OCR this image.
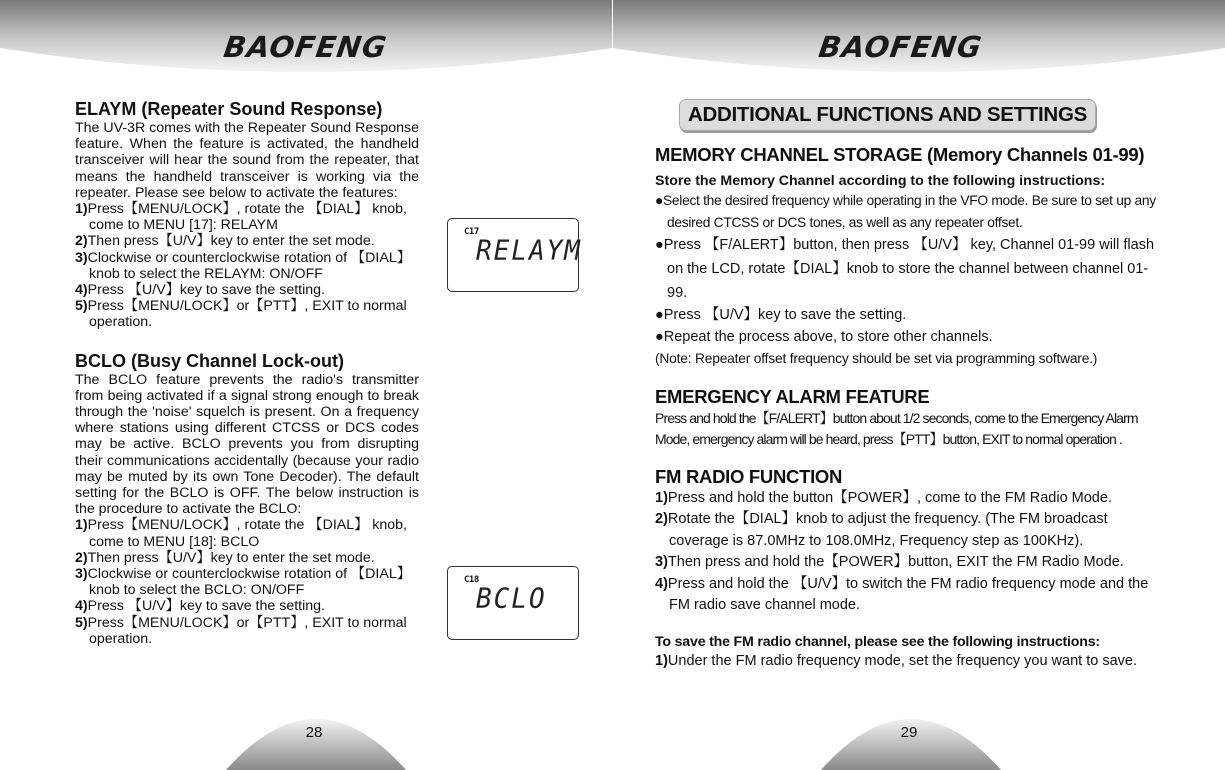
BAOFENG

ELAYM (Repeater Sound Response)

The UV-3R comes with the Repeater Sound Response feature. When the feature is activated, the handheld transceiver will hear the sound from the repeater, that means the handheld transceiver is working via the repeater. Please see below to activate the features:

1)Press【MENU/LOCK】, rotate the 【DIAL】 knob, come to MENU [17]: RELAYM
2)Then press【U/V】key to enter the set mode.
3)Clockwise or counterclockwise rotation of 【DIAL】knob to select the RELAYM: ON/OFF
4)Press 【U/V】key to save the setting.
5)Press【MENU/LOCK】or【PTT】, EXIT to normal operation.

BCLO (Busy Channel Lock-out)

The BCLO feature prevents the radio's transmitter from being activated if a signal strong enough to break through the 'noise' squelch is present. On a frequency where stations using different CTCSS or DCS codes may be active. BCLO prevents you from disrupting their communications accidentally (because your radio may be muted by its own Tone Decoder). The default setting for the BCLO is OFF. The below instruction is the procedure to activate the BCLO:

1)Press【MENU/LOCK】, rotate the 【DIAL】 knob, come to MENU [18]: BCLO
2)Then press【U/V】key to enter the set mode.
3)Clockwise or counterclockwise rotation of 【DIAL】knob to select the BCLO: ON/OFF
4)Press 【U/V】key to save the setting.
5)Press【MENU/LOCK】or【PTT】, EXIT to normal operation.
C17
RELAYM
C18
BCLO
28
BAOFENG
ADDITIONAL FUNCTIONS AND SETTINGS

MEMORY CHANNEL STORAGE (Memory Channels 01-99)

Store the Memory Channel according to the following instructions:

●Select the desired frequency while operating in the VFO mode. Be sure to set up any desired CTCSS or DCS tones, as well as any repeater offset.

●Press 【F/ALERT】button, then press 【U/V】 key, Channel 01-99 will flash on the LCD, rotate【DIAL】knob to store the channel between channel 01-99.

●Press 【U/V】key to save the setting.

●Repeat the process above, to store other channels.

(Note: Repeater offset frequency should be set via programming software.)

EMERGENCY ALARM FEATURE

Press and hold the【F/ALERT】button about 1/2 seconds, come to the Emergency Alarm Mode, emergency alarm will be heard, press【PTT】button, EXIT to normal operation .

FM RADIO FUNCTION

1)Press and hold the button【POWER】, come to the FM Radio Mode.
2)Rotate the【DIAL】knob to adjust the frequency. (The FM broadcast coverage is 87.0MHz to 108.0MHz, Frequency step as 100KHz).
3)Then press and hold the【POWER】button, EXIT the FM Radio Mode.
4)Press and hold the 【U/V】to switch the FM radio frequency mode and the FM radio save channel mode.

To save the FM radio channel, please see the following instructions:

1)Under the FM radio frequency mode, set the frequency you want to save.
29
